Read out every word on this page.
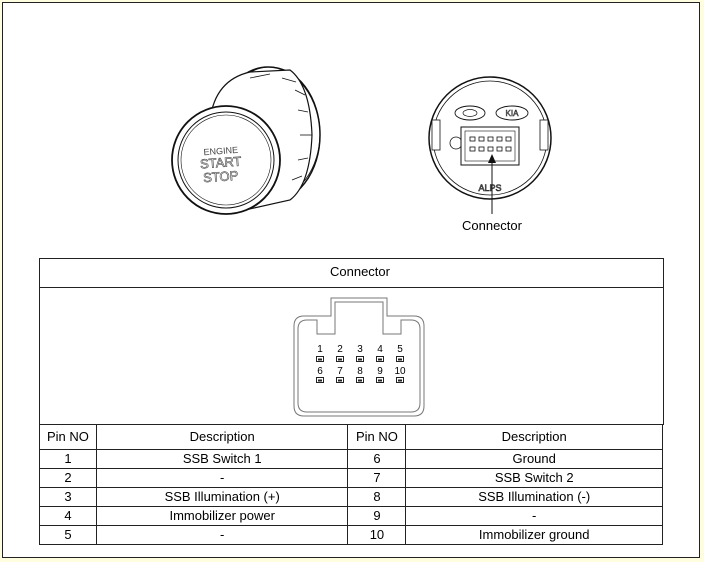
ENGINE
START
STOP
KIA
ALPS
Connector
Connector
1 2 3 4 5
6 7 8 9 10
Pin NO	Description	Pin NO	Description
1	SSB Switch 1	6	Ground
2	-	7	SSB Switch 2
3	SSB Illumination (+)	8	SSB Illumination (-)
4	Immobilizer power	9	-
5	-	10	Immobilizer ground
